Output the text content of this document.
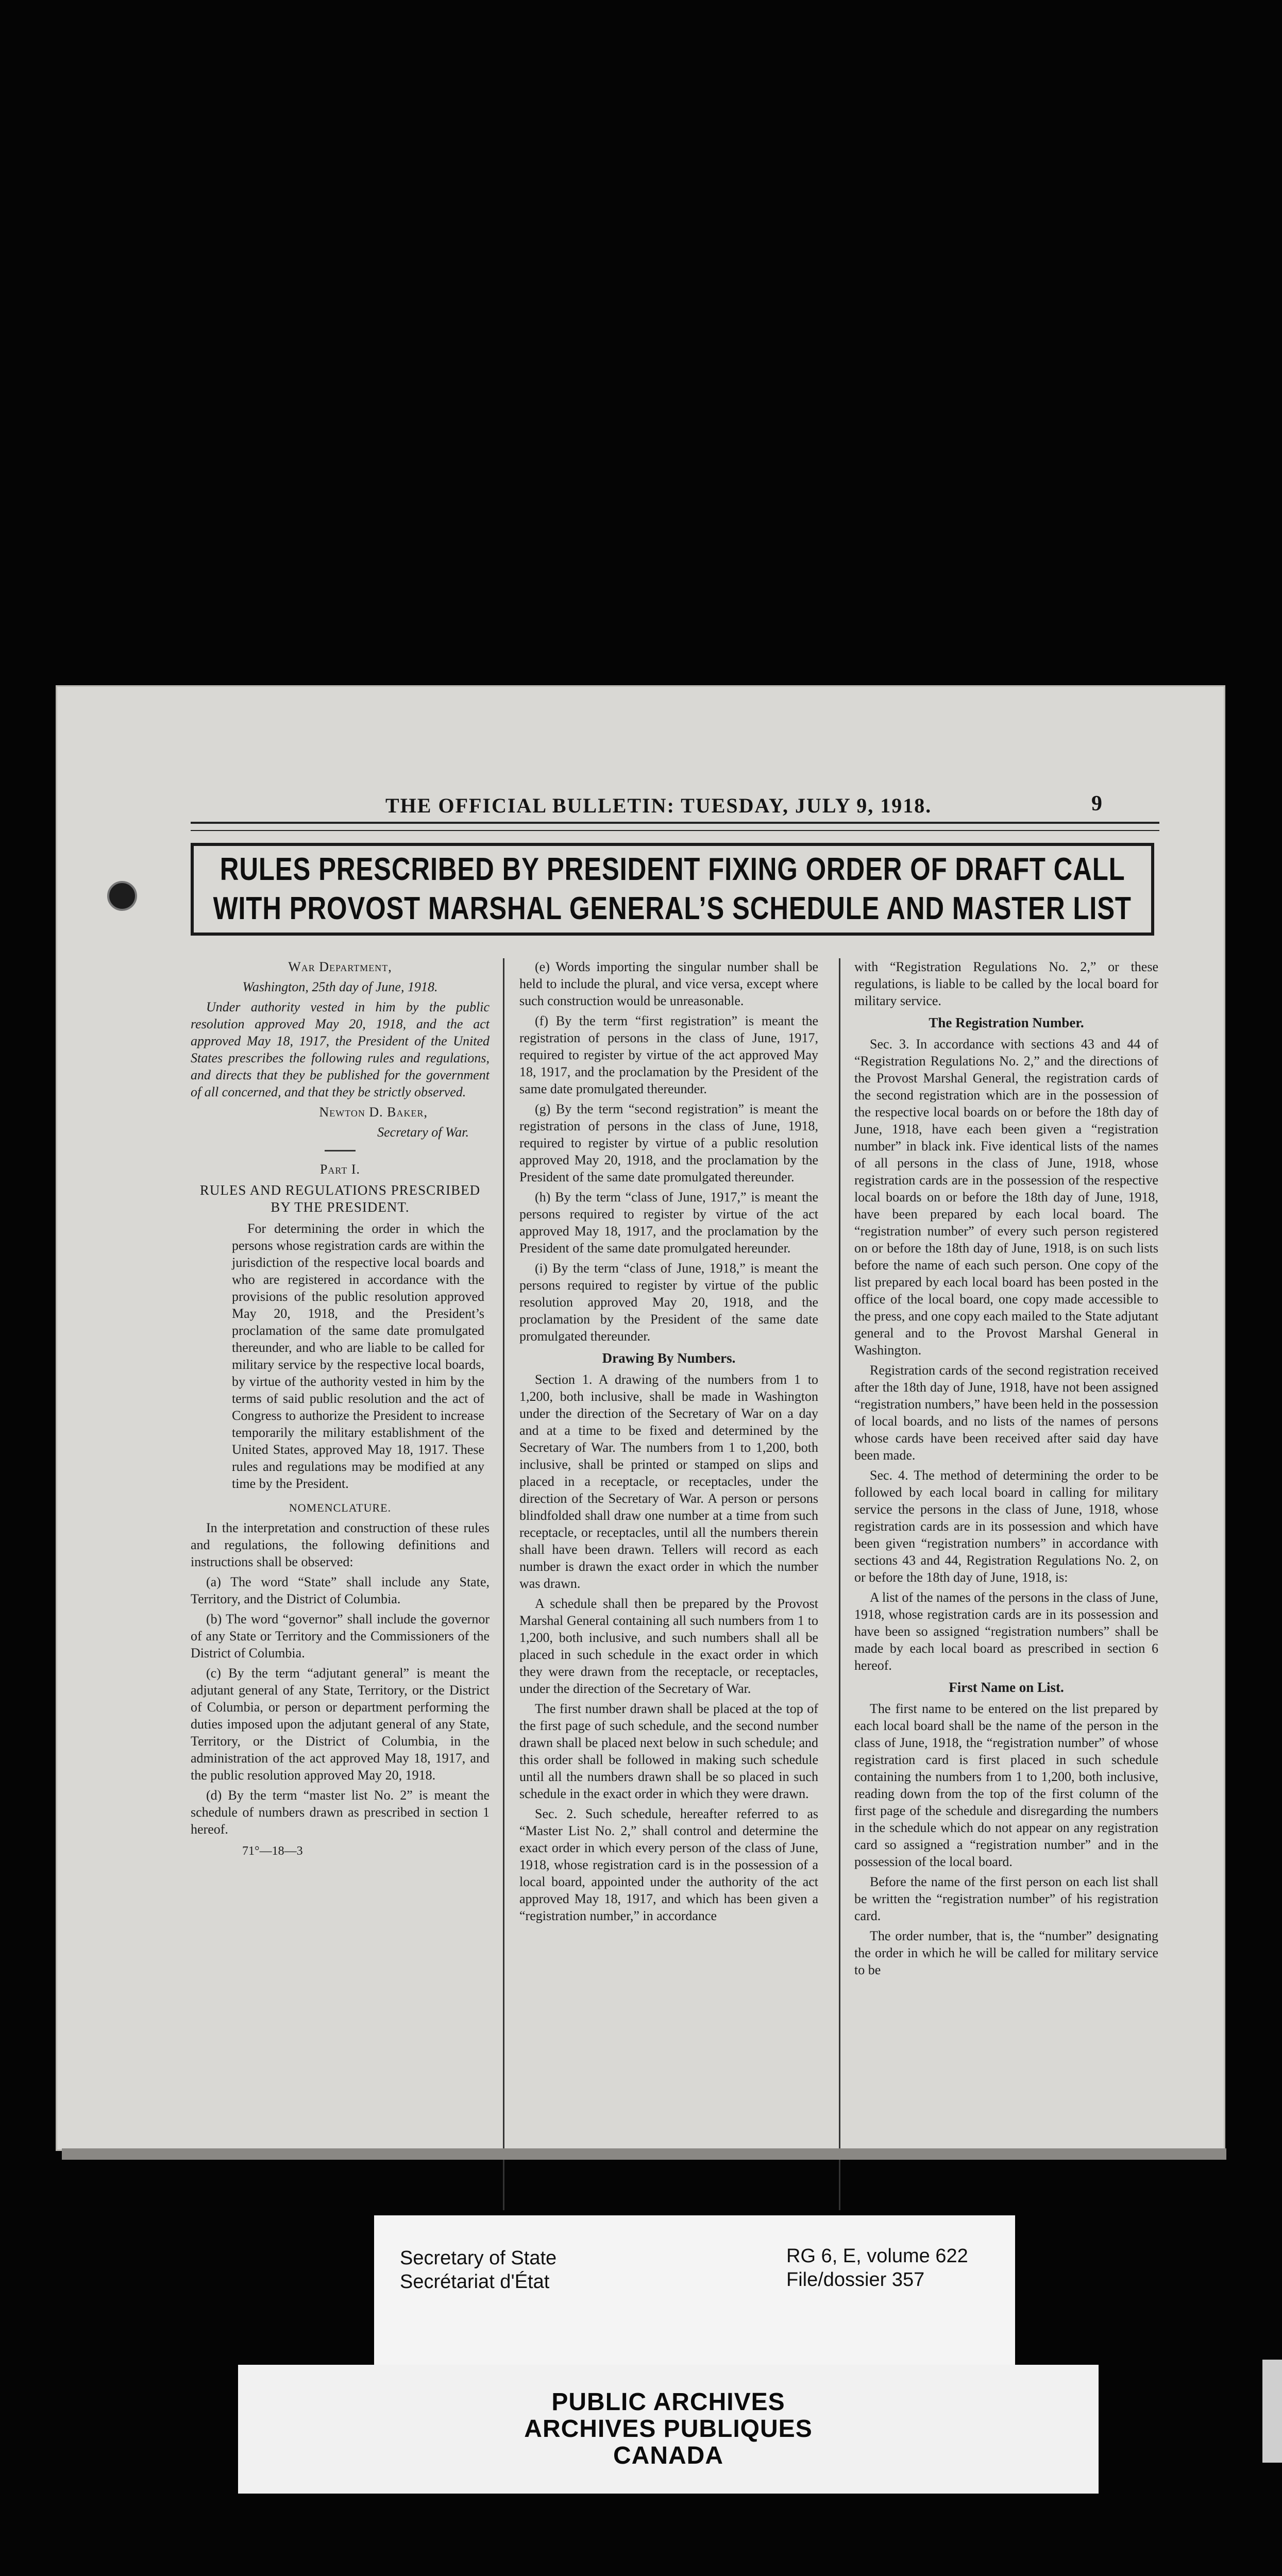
THE OFFICIAL BULLETIN: TUESDAY, JULY 9, 1918.	9
RULES PRESCRIBED BY PRESIDENT FIXING ORDER OF DRAFT CALL
WITH PROVOST MARSHAL GENERAL’S SCHEDULE AND MASTER LIST

War Department,

Washington, 25th day of June, 1918.

Under authority vested in him by the public resolution approved May 20, 1918, and the act approved May 18, 1917, the President of the United States prescribes the following rules and regulations, and directs that they be published for the government of all concerned, and that they be strictly observed.

Newton D. Baker,

Secretary of War.

Part I.

RULES AND REGULATIONS PRESCRIBED BY THE PRESIDENT.

For determining the order in which the persons whose registration cards are within the jurisdiction of the respective local boards and who are registered in accordance with the provisions of the public resolution approved May 20, 1918, and the President’s proclamation of the same date promulgated thereunder, and who are liable to be called for military service by the respective local boards, by virtue of the authority vested in him by the terms of said public resolution and the act of Congress to authorize the President to increase temporarily the military establishment of the United States, approved May 18, 1917. These rules and regulations may be modified at any time by the President.

NOMENCLATURE.

In the interpretation and construction of these rules and regulations, the following definitions and instructions shall be observed:

(a) The word “State” shall include any State, Territory, and the District of Columbia.

(b) The word “governor” shall include the governor of any State or Territory and the Commissioners of the District of Columbia.

(c) By the term “adjutant general” is meant the adjutant general of any State, Territory, or the District of Columbia, or person or department performing the duties imposed upon the adjutant general of any State, Territory, or the District of Columbia, in the administration of the act approved May 18, 1917, and the public resolution approved May 20, 1918.

(d) By the term “master list No. 2” is meant the schedule of numbers drawn as prescribed in section 1 hereof.

71°—18—3

(e) Words importing the singular number shall be held to include the plural, and vice versa, except where such construction would be unreasonable.

(f) By the term “first registration” is meant the registration of persons in the class of June, 1917, required to register by virtue of the act approved May 18, 1917, and the proclamation by the President of the same date promulgated thereunder.

(g) By the term “second registration” is meant the registration of persons in the class of June, 1918, required to register by virtue of a public resolution approved May 20, 1918, and the proclamation by the President of the same date promulgated thereunder.

(h) By the term “class of June, 1917,” is meant the persons required to register by virtue of the act approved May 18, 1917, and the proclamation by the President of the same date promulgated hereunder.

(i) By the term “class of June, 1918,” is meant the persons required to register by virtue of the public resolution approved May 20, 1918, and the proclamation by the President of the same date promulgated thereunder.

Drawing By Numbers.

Section 1. A drawing of the numbers from 1 to 1,200, both inclusive, shall be made in Washington under the direction of the Secretary of War on a day and at a time to be fixed and determined by the Secretary of War. The numbers from 1 to 1,200, both inclusive, shall be printed or stamped on slips and placed in a receptacle, or receptacles, under the direction of the Secretary of War. A person or persons blindfolded shall draw one number at a time from such receptacle, or receptacles, until all the numbers therein shall have been drawn. Tellers will record as each number is drawn the exact order in which the number was drawn.

A schedule shall then be prepared by the Provost Marshal General containing all such numbers from 1 to 1,200, both inclusive, and such numbers shall all be placed in such schedule in the exact order in which they were drawn from the receptacle, or receptacles, under the direction of the Secretary of War.

The first number drawn shall be placed at the top of the first page of such schedule, and the second number drawn shall be placed next below in such schedule; and this order shall be followed in making such schedule until all the numbers drawn shall be so placed in such schedule in the exact order in which they were drawn.

Sec. 2. Such schedule, hereafter referred to as “Master List No. 2,” shall control and determine the exact order in which every person of the class of June, 1918, whose registration card is in the possession of a local board, appointed under the authority of the act approved May 18, 1917, and which has been given a “registration number,” in accordance

with “Registration Regulations No. 2,” or these regulations, is liable to be called by the local board for military service.

The Registration Number.

Sec. 3. In accordance with sections 43 and 44 of “Registration Regulations No. 2,” and the directions of the Provost Marshal General, the registration cards of the second registration which are in the possession of the respective local boards on or before the 18th day of June, 1918, have each been given a “registration number” in black ink. Five identical lists of the names of all persons in the class of June, 1918, whose registration cards are in the possession of the respective local boards on or before the 18th day of June, 1918, have been prepared by each local board. The “registration number” of every such person registered on or before the 18th day of June, 1918, is on such lists before the name of each such person. One copy of the list prepared by each local board has been posted in the office of the local board, one copy made accessible to the press, and one copy each mailed to the State adjutant general and to the Provost Marshal General in Washington.

Registration cards of the second registration received after the 18th day of June, 1918, have not been assigned “registration numbers,” have been held in the possession of local boards, and no lists of the names of persons whose cards have been received after said day have been made.

Sec. 4. The method of determining the order to be followed by each local board in calling for military service the persons in the class of June, 1918, whose registration cards are in its possession and which have been given “registration numbers” in accordance with sections 43 and 44, Registration Regulations No. 2, on or before the 18th day of June, 1918, is:

A list of the names of the persons in the class of June, 1918, whose registration cards are in its possession and have been so assigned “registration numbers” shall be made by each local board as prescribed in section 6 hereof.

First Name on List.

The first name to be entered on the list prepared by each local board shall be the name of the person in the class of June, 1918, the “registration number” of whose registration card is first placed in such schedule containing the numbers from 1 to 1,200, both inclusive, reading down from the top of the first column of the first page of the schedule and disregarding the numbers in the schedule which do not appear on any registration card so assigned a “registration number” and in the possession of the local board.

Before the name of the first person on each list shall be written the “registration number” of his registration card.

The order number, that is, the “number” designating the order in which he will be called for military service to be

Secretary of State
Secrétariat d'État
RG 6, E, volume 622
File/dossier 357
PUBLIC ARCHIVES
ARCHIVES PUBLIQUES
CANADA
